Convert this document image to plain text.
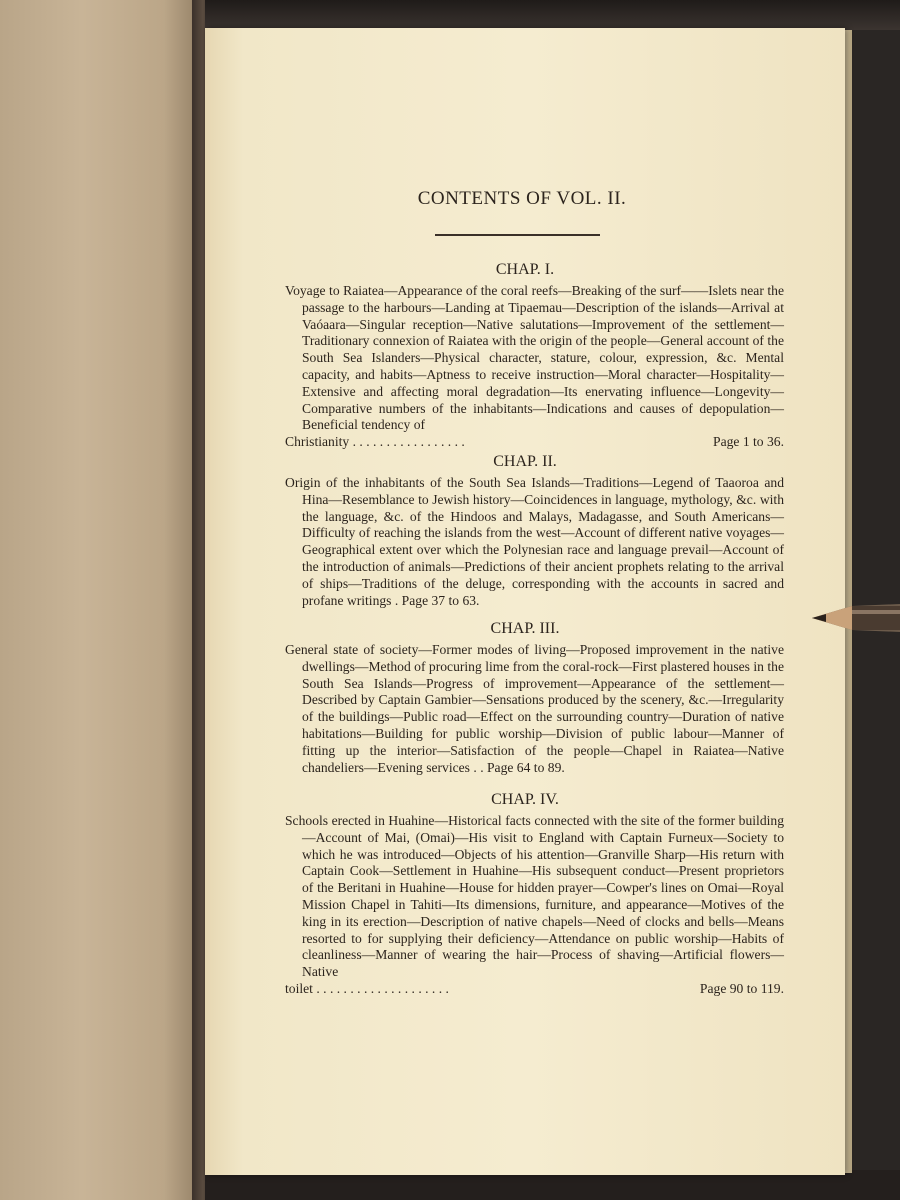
CONTENTS OF VOL. II.
CHAP. I.
Voyage to Raiatea—Appearance of the coral reefs—Breaking of the surf——Islets near the passage to the harbours—Landing at Tipaemau—Description of the islands—Arrival at Vaóaara—Singular reception—Native salutations—Improvement of the settlement—Traditionary connexion of Raiatea with the origin of the people—General account of the South Sea Islanders—Physical character, stature, colour, expression, &c. Mental capacity, and habits—Aptness to receive instruction—Moral character—Hospitality—Extensive and affecting moral degradation—Its enervating influence—Longevity—Comparative numbers of the inhabitants—Indications and causes of depopulation—Beneficial tendency of
Christianity . . . . . . . . . . . . . . . . .	Page 1 to 36.
CHAP. II.
Origin of the inhabitants of the South Sea Islands—Traditions—Legend of Taaoroa and Hina—Resemblance to Jewish history—Coincidences in language, mythology, &c. with the language, &c. of the Hindoos and Malays, Madagasse, and South Americans—Difficulty of reaching the islands from the west—Account of different native voyages—Geographical extent over which the Polynesian race and language prevail—Account of the introduction of animals—Predictions of their ancient prophets relating to the arrival of ships—Traditions of the deluge, corresponding with the accounts in sacred and profane writings . Page 37 to 63.
CHAP. III.
General state of society—Former modes of living—Proposed improvement in the native dwellings—Method of procuring lime from the coral-rock—First plastered houses in the South Sea Islands—Progress of improvement—Appearance of the settlement—Described by Captain Gambier—Sensations produced by the scenery, &c.—Irregularity of the buildings—Public road—Effect on the surrounding country—Duration of native habitations—Building for public worship—Division of public labour—Manner of fitting up the interior—Satisfaction of the people—Chapel in Raiatea—Native chandeliers—Evening services . . Page 64 to 89.
CHAP. IV.
Schools erected in Huahine—Historical facts connected with the site of the former building—Account of Mai, (Omai)—His visit to England with Captain Furneux—Society to which he was introduced—Objects of his attention—Granville Sharp—His return with Captain Cook—Settlement in Huahine—His subsequent conduct—Present proprietors of the Beritani in Huahine—House for hidden prayer—Cowper's lines on Omai—Royal Mission Chapel in Tahiti—Its dimensions, furniture, and appearance—Motives of the king in its erection—Description of native chapels—Need of clocks and bells—Means resorted to for supplying their deficiency—Attendance on public worship—Habits of cleanliness—Manner of wearing the hair—Process of shaving—Artificial flowers—Native
toilet . . . . . . . . . . . . . . . . . . . .	Page 90 to 119.
